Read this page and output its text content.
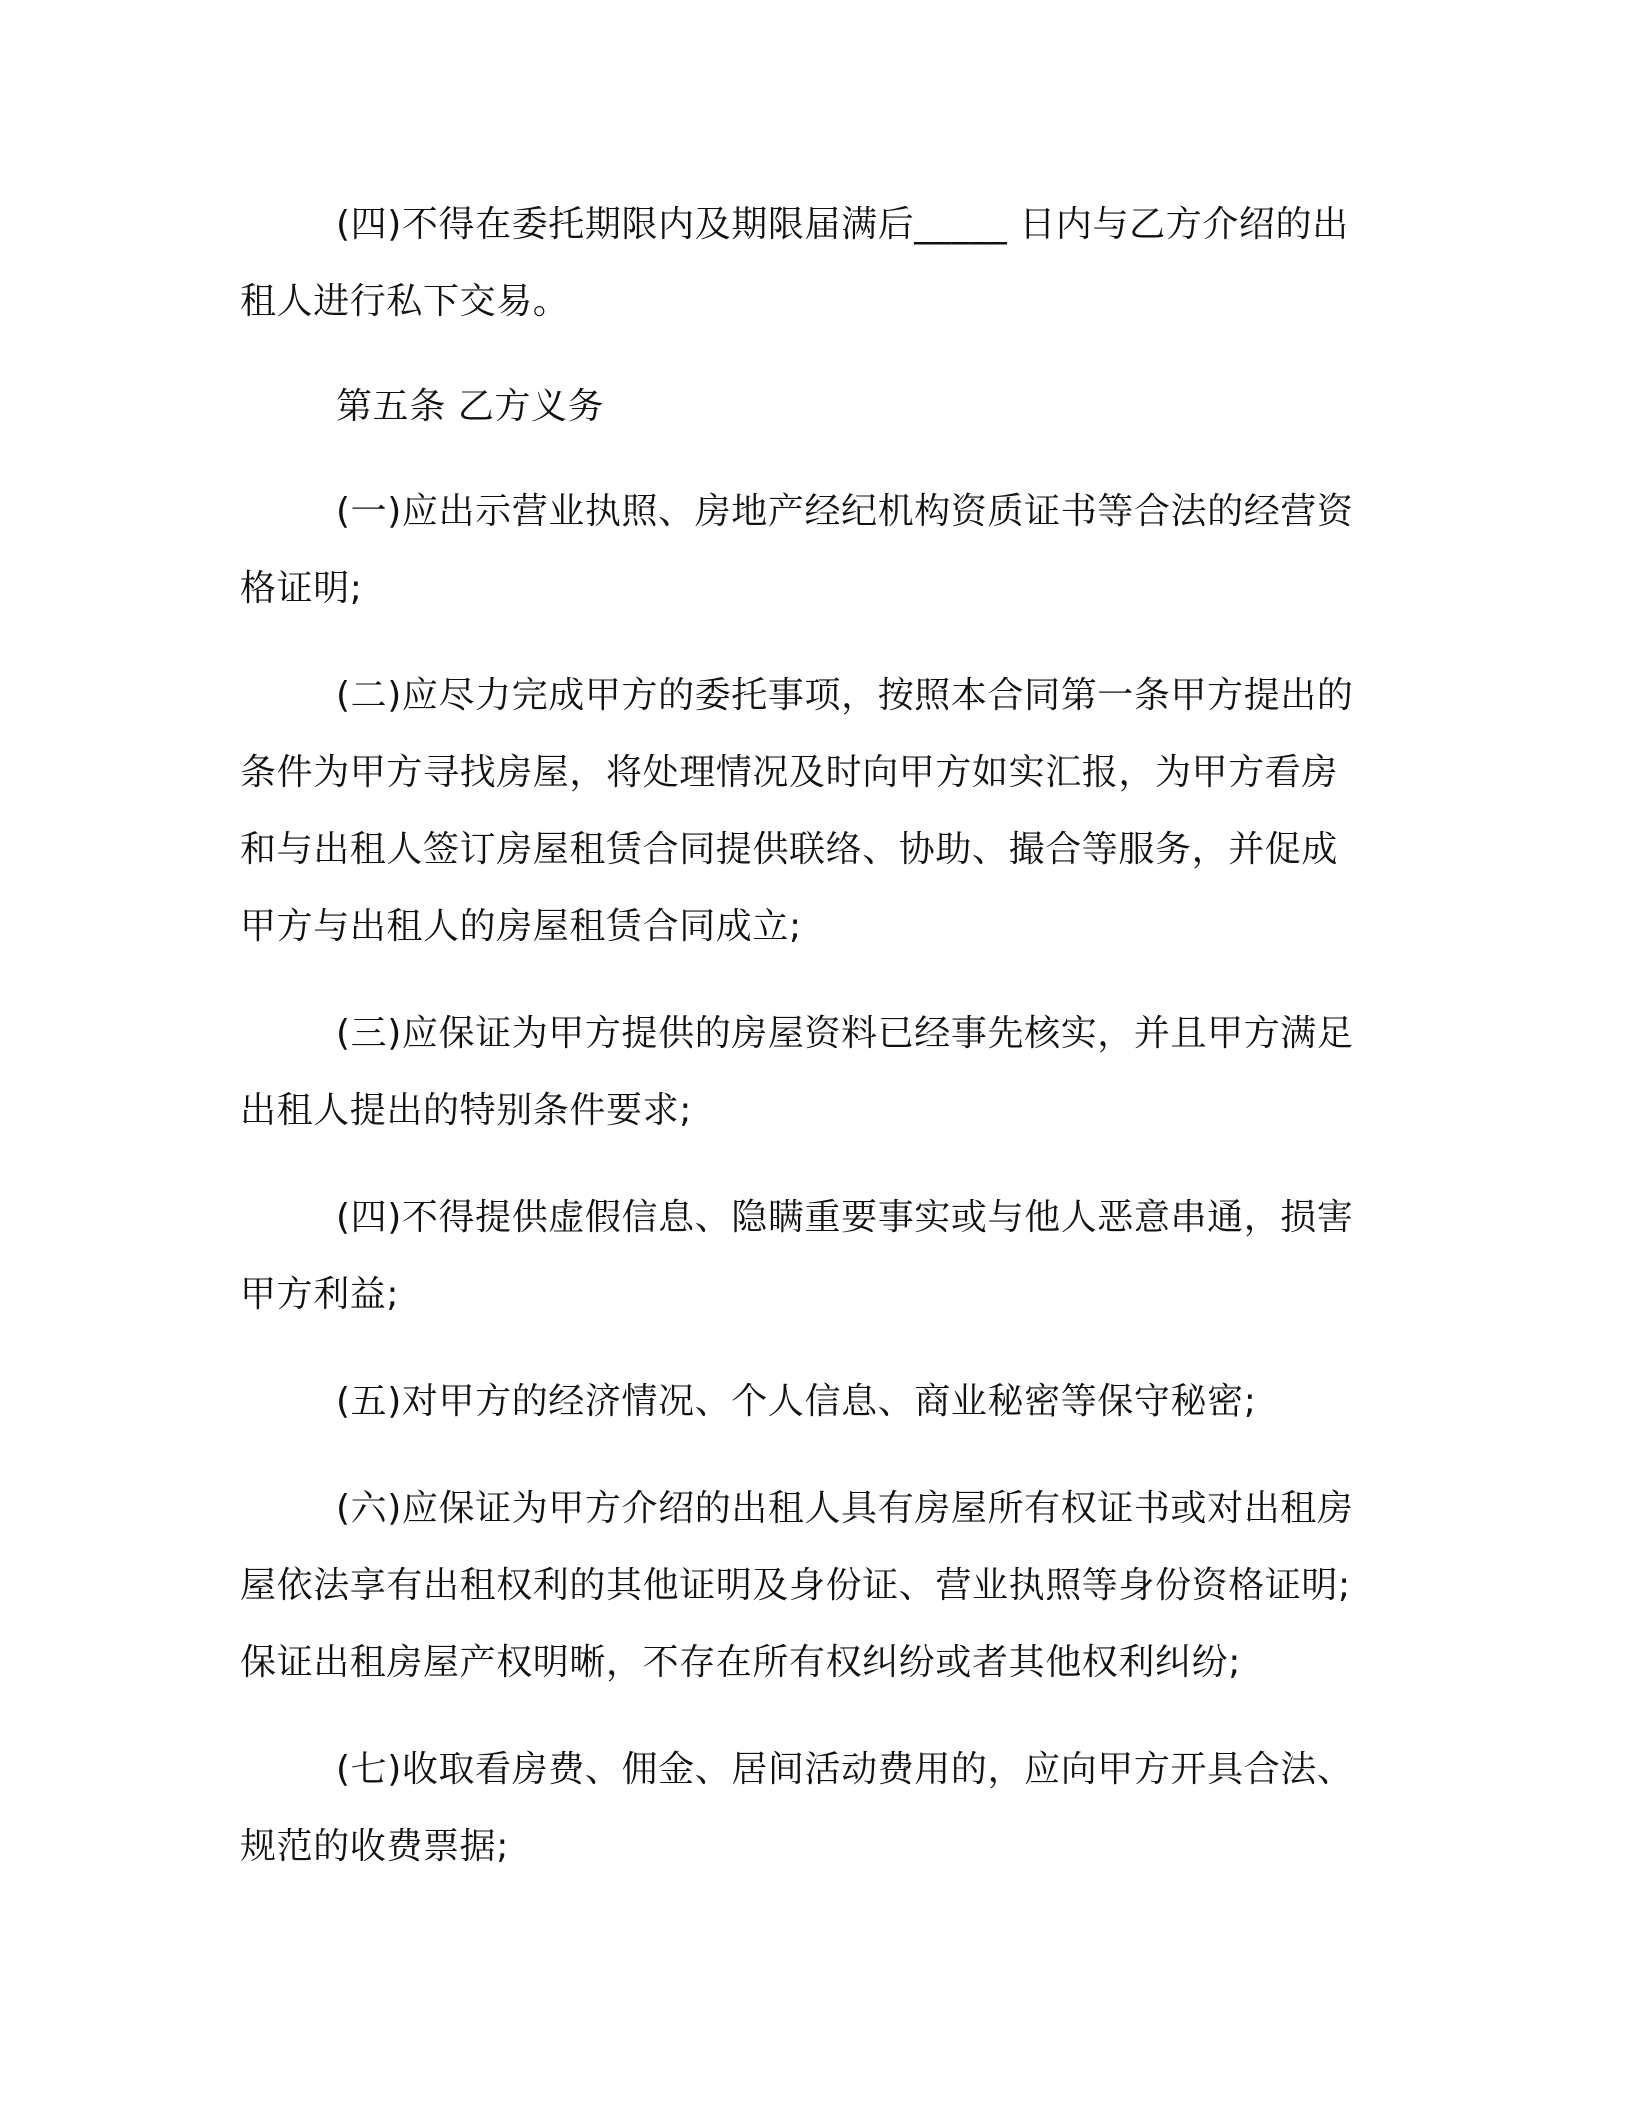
(四)不得在委托期限内及期限届满后_____ 日内与乙方介绍的出租人进行私下交易。

第五条 乙方义务

(一)应出示营业执照、房地产经纪机构资质证书等合法的经营资格证明;

(二)应尽力完成甲方的委托事项，按照本合同第一条甲方提出的条件为甲方寻找房屋，将处理情况及时向甲方如实汇报，为甲方看房和与出租人签订房屋租赁合同提供联络、协助、撮合等服务，并促成甲方与出租人的房屋租赁合同成立;

(三)应保证为甲方提供的房屋资料已经事先核实，并且甲方满足出租人提出的特别条件要求;

(四)不得提供虚假信息、隐瞒重要事实或与他人恶意串通，损害甲方利益;

(五)对甲方的经济情况、个人信息、商业秘密等保守秘密;

(六)应保证为甲方介绍的出租人具有房屋所有权证书或对出租房屋依法享有出租权利的其他证明及身份证、营业执照等身份资格证明;保证出租房屋产权明晰，不存在所有权纠纷或者其他权利纠纷;

(七)收取看房费、佣金、居间活动费用的，应向甲方开具合法、规范的收费票据;
